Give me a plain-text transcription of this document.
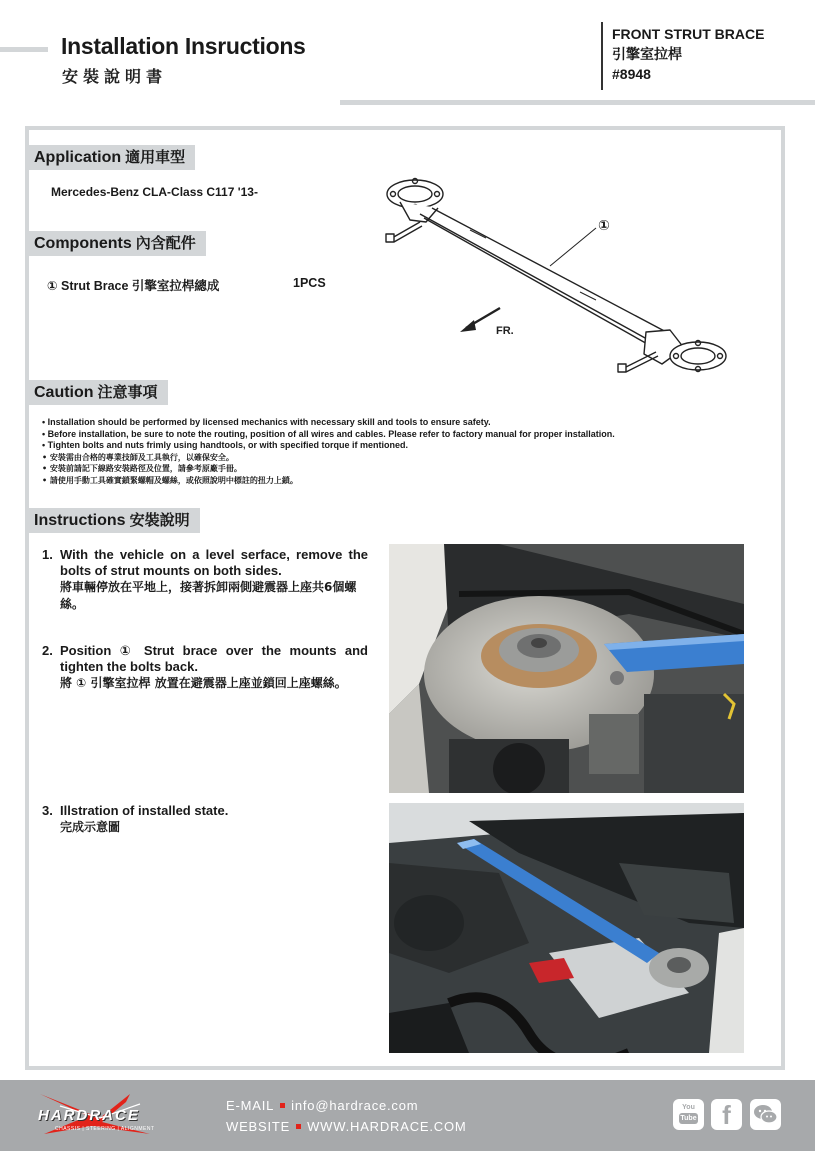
Installation Insructions
安裝說明書
FRONT STRUT BRACE
引擎室拉桿
#8948
Application 適用車型
Mercedes-Benz CLA-Class C117 '13-
Components 內含配件
① Strut Brace 引擎室拉桿總成	1PCS
①
FR.
Caution 注意事項
• Installation should be performed by licensed mechanics with necessary skill and tools to ensure safety.
• Before installation, be sure to note the routing, position of all wires and cables. Please refer to factory manual for proper installation.
• Tighten bolts and nuts frimly using handtools, or with specified torque if mentioned.
• 安裝需由合格的專業技師及工具執行，以確保安全。
• 安裝前請記下線路安裝路徑及位置，請參考原廠手冊。
• 請使用手動工具確實鎖緊螺帽及螺絲，或依照說明中標註的扭力上鎖。
Instructions 安裝說明
1. With the vehicle on a level serface, remove the bolts of strut mounts on both sides.
將車輛停放在平地上，接著拆卸兩側避震器上座共6個螺絲。
2. Position ① Strut brace over the mounts and tighten the bolts back.
將 ① 引擎室拉桿 放置在避震器上座並鎖回上座螺絲。
3. Illstration of installed state.
完成示意圖
HARDRACE
CHASSIS | STEERING | ALIGNMENT
E-MAIL info@hardrace.com
WEBSITE WWW.HARDRACE.COM
You
Tube f
